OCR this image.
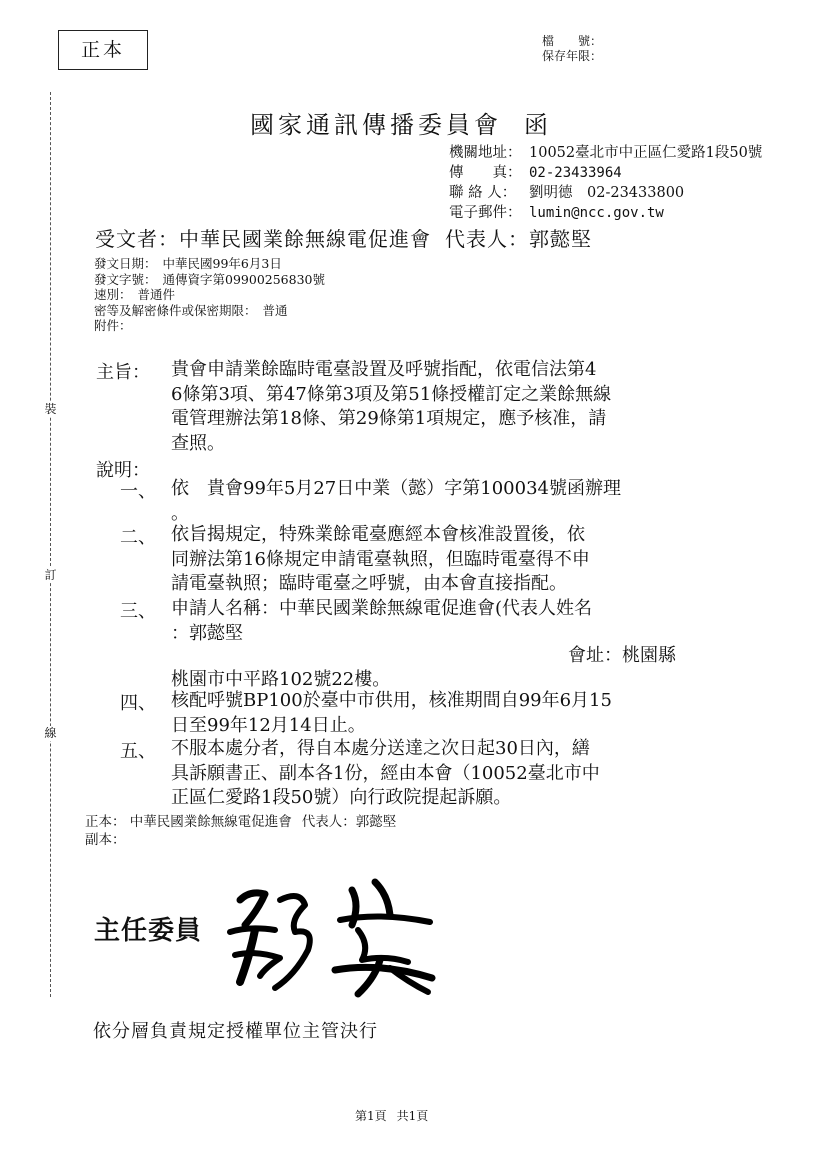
正本	檔　　號：
保存年限：
裝
訂
線
國家通訊傳播委員會 函
機關地址： 10052臺北市中正區仁愛路1段50號
傳　　真： 02-23433964
聯 絡 人： 劉明德　02-23433800
電子郵件： lumin@ncc.gov.tw
受文者：中華民國業餘無線電促進會 代表人：郭懿堅
發文日期： 中華民國99年6月3日
發文字號： 通傳資字第09900256830號
速別： 普通件
密等及解密條件或保密期限： 普通
附件：
主旨： 貴會申請業餘臨時電臺設置及呼號指配，依電信法第4
6條第3項、第47條第3項及第51條授權訂定之業餘無線
電管理辦法第18條、第29條第1項規定，應予核准，請
查照。
說明：
一、 依　貴會99年5月27日中業（懿）字第100034號函辦理
。
二、 依旨揭規定，特殊業餘電臺應經本會核准設置後，依
同辦法第16條規定申請電臺執照，但臨時電臺得不申
請電臺執照；臨時電臺之呼號，由本會直接指配。
三、 申請人名稱：中華民國業餘無線電促進會(代表人姓名
：郭懿堅
會址：桃園縣
桃園市中平路102號22樓。
四、 核配呼號BP100於臺中市供用，核准期間自99年6月15
日至99年12月14日止。
五、 不服本處分者，得自本處分送達之次日起30日內，繕
具訴願書正、副本各1份，經由本會（10052臺北市中
正區仁愛路1段50號）向行政院提起訴願。
正本： 中華民國業餘無線電促進會 代表人：郭懿堅
副本：
主任委員
依分層負責規定授權單位主管決行
第1頁 共1頁
